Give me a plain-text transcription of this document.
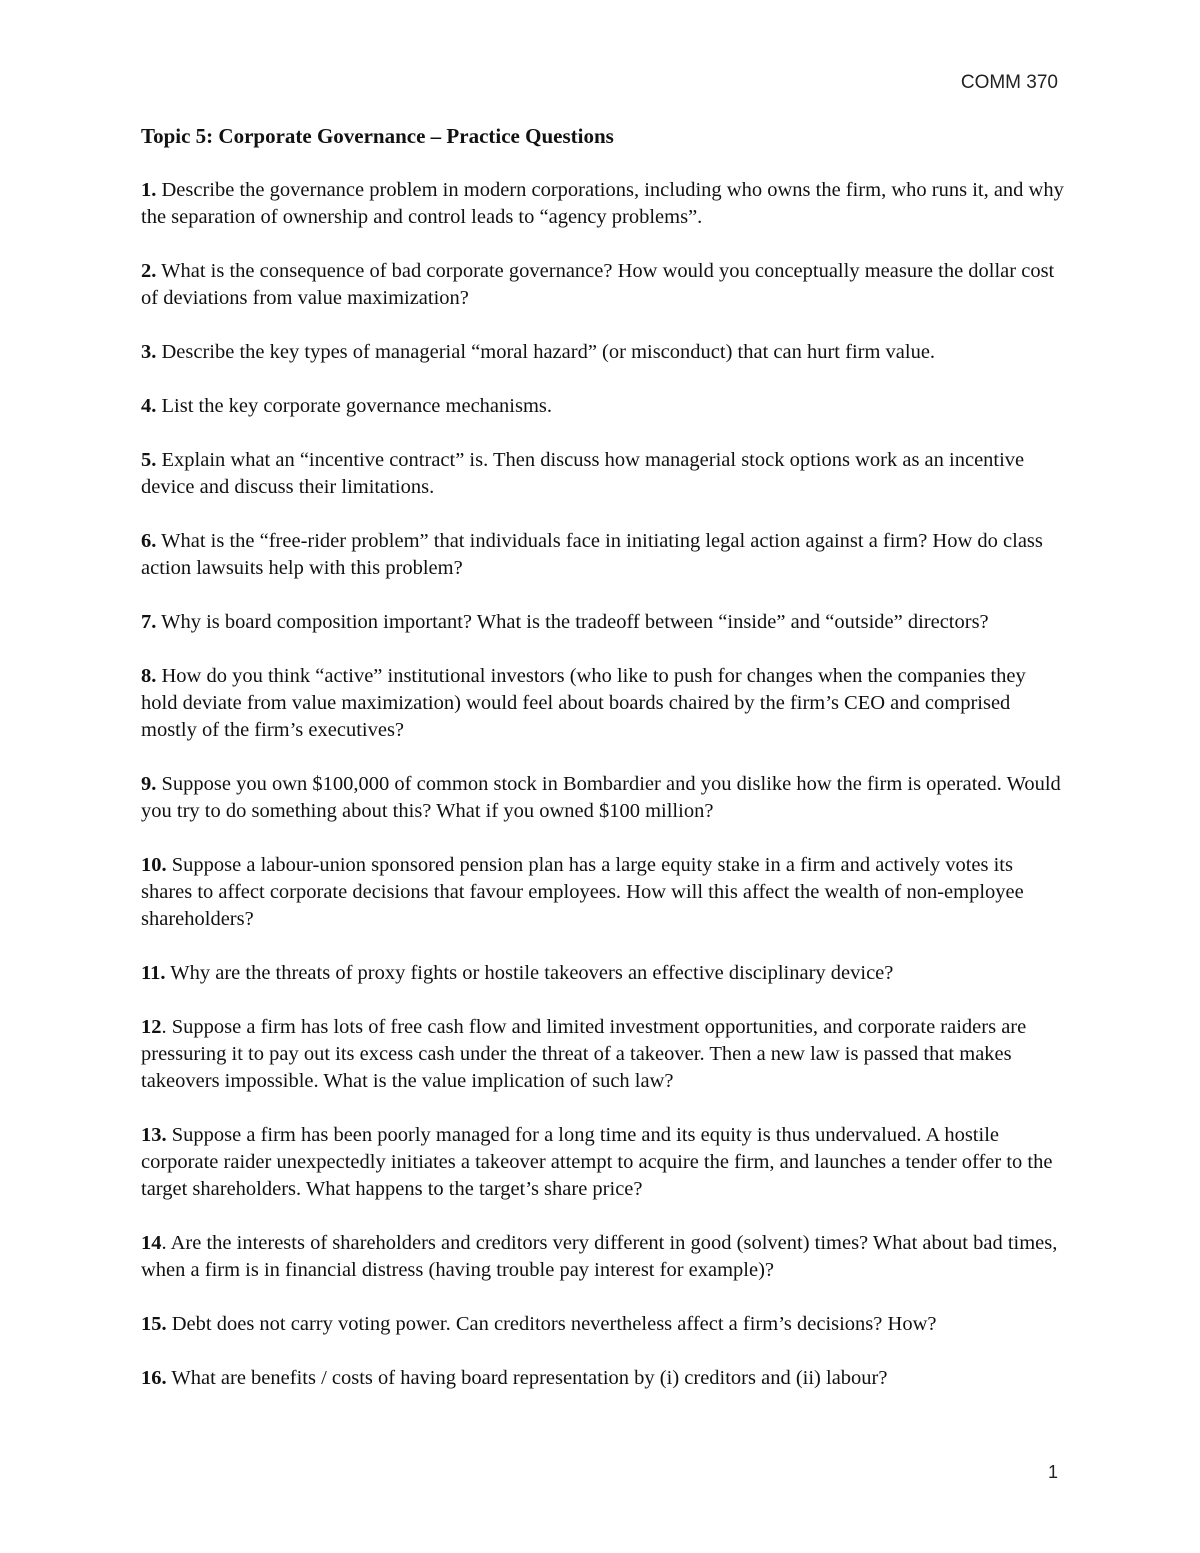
COMM 370
Topic 5: Corporate Governance – Practice Questions
1. Describe the governance problem in modern corporations, including who owns the firm, who runs it, and why the separation of ownership and control leads to “agency problems”.
2. What is the consequence of bad corporate governance? How would you conceptually measure the dollar cost of deviations from value maximization?
3. Describe the key types of managerial “moral hazard” (or misconduct) that can hurt firm value.
4. List the key corporate governance mechanisms.
5. Explain what an “incentive contract” is. Then discuss how managerial stock options work as an incentive device and discuss their limitations.
6. What is the “free-rider problem” that individuals face in initiating legal action against a firm? How do class action lawsuits help with this problem?
7. Why is board composition important? What is the tradeoff between “inside” and “outside” directors?
8. How do you think “active” institutional investors (who like to push for changes when the companies they hold deviate from value maximization) would feel about boards chaired by the firm’s CEO and comprised mostly of the firm’s executives?
9. Suppose you own $100,000 of common stock in Bombardier and you dislike how the firm is operated. Would you try to do something about this? What if you owned $100 million?
10. Suppose a labour-union sponsored pension plan has a large equity stake in a firm and actively votes its shares to affect corporate decisions that favour employees. How will this affect the wealth of non-employee shareholders?
11. Why are the threats of proxy fights or hostile takeovers an effective disciplinary device?
12. Suppose a firm has lots of free cash flow and limited investment opportunities, and corporate raiders are pressuring it to pay out its excess cash under the threat of a takeover. Then a new law is passed that makes takeovers impossible. What is the value implication of such law?
13. Suppose a firm has been poorly managed for a long time and its equity is thus undervalued. A hostile corporate raider unexpectedly initiates a takeover attempt to acquire the firm, and launches a tender offer to the target shareholders. What happens to the target’s share price?
14. Are the interests of shareholders and creditors very different in good (solvent) times? What about bad times, when a firm is in financial distress (having trouble pay interest for example)?
15. Debt does not carry voting power. Can creditors nevertheless affect a firm’s decisions? How?
16. What are benefits / costs of having board representation by (i) creditors and (ii) labour?
1
